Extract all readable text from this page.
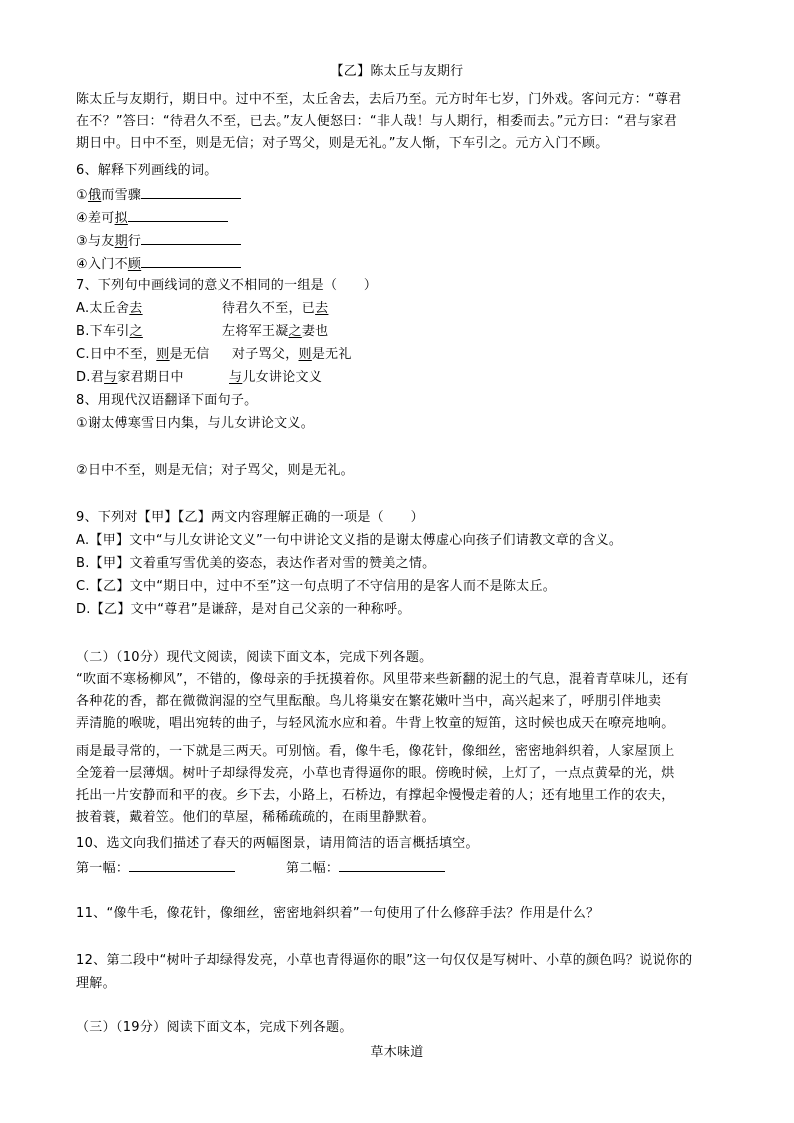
【乙】陈太丘与友期行
陈太丘与友期行，期日中。过中不至，太丘舍去，去后乃至。元方时年七岁，门外戏。客问元方：“尊君
在不？”答曰：“待君久不至，已去。”友人便怒曰：“非人哉！与人期行，相委而去。”元方曰：“君与家君
期日中。日中不至，则是无信；对子骂父，则是无礼。”友人惭，下车引之。元方入门不顾。
6、解释下列画线的词。
①俄而雪骤
④差可拟
③与友期行
④入门不顾
7、下列句中画线词的意义不相同的一组是（　　）
A.太丘舍去	待君久不至，已去
B.下车引之	左将军王凝之妻也
C.日中不至，则是无信 对子骂父，则是无礼
D.君与家君期日中	与儿女讲论文义
8、用现代汉语翻译下面句子。
①谢太傅寒雪日内集，与儿女讲论文义。
②日中不至，则是无信；对子骂父，则是无礼。
9、下列对【甲】【乙】两文内容理解正确的一项是（　　）
A.【甲】文中“与儿女讲论文义”一句中讲论文义指的是谢太傅虚心向孩子们请教文章的含义。
B.【甲】文着重写雪优美的姿态，表达作者对雪的赞美之情。
C.【乙】文中“期日中，过中不至”这一句点明了不守信用的是客人而不是陈太丘。
D.【乙】文中“尊君”是谦辞，是对自己父亲的一种称呼。
（二）（10分）现代文阅读，阅读下面文本，完成下列各题。
“吹面不寒杨柳风”，不错的，像母亲的手抚摸着你。风里带来些新翻的泥土的气息，混着青草味儿，还有
各种花的香，都在微微润湿的空气里酝酿。鸟儿将巢安在繁花嫩叶当中，高兴起来了，呼朋引伴地卖
弄清脆的喉咙，唱出宛转的曲子，与轻风流水应和着。牛背上牧童的短笛，这时候也成天在嘹亮地响。
雨是最寻常的，一下就是三两天。可别恼。看，像牛毛，像花针，像细丝，密密地斜织着，人家屋顶上
全笼着一层薄烟。树叶子却绿得发亮，小草也青得逼你的眼。傍晚时候，上灯了，一点点黄晕的光，烘
托出一片安静而和平的夜。乡下去，小路上，石桥边，有撑起伞慢慢走着的人；还有地里工作的农夫，
披着蓑，戴着笠。他们的草屋，稀稀疏疏的，在雨里静默着。
10、选文向我们描述了春天的两幅图景，请用简洁的语言概括填空。
第一幅：	第二幅：
11、“像牛毛，像花针，像细丝，密密地斜织着”一句使用了什么修辞手法？作用是什么？
12、第二段中“树叶子却绿得发亮，小草也青得逼你的眼”这一句仅仅是写树叶、小草的颜色吗？说说你的
理解。
（三）（19分）阅读下面文本，完成下列各题。
草木味道
